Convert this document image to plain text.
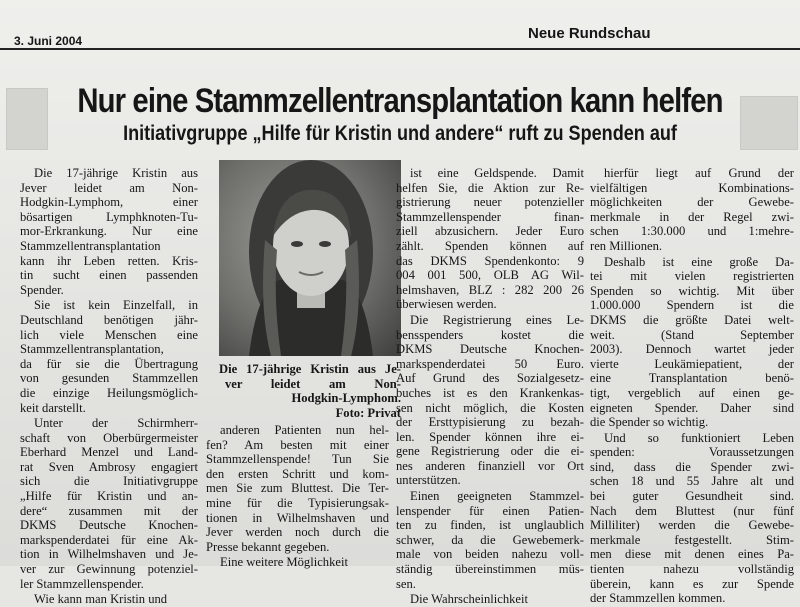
3. Juni 2004	Neue Rundschau
Nur eine Stammzellentransplantation kann helfen
Initiativgruppe „Hilfe für Kristin und andere“ ruft zu Spenden auf

Die 17-jährige Kristin aus
Jever leidet am Non-
Hodgkin-Lymphom, einer
bösartigen Lymphknoten-Tu-
mor-Erkrankung. Nur eine
Stammzellentransplantation
kann ihr Leben retten. Kris-
tin sucht einen passenden
Spender.

Sie ist kein Einzelfall, in
Deutschland benötigen jähr-
lich viele Menschen eine
Stammzellentransplantation,
da für sie die Übertragung
von gesunden Stammzellen
die einzige Heilungsmöglich-
keit darstellt.

Unter der Schirmherr-
schaft von Oberbürgermeister
Eberhard Menzel und Land-
rat Sven Ambrosy engagiert
sich die Initiativgruppe
„Hilfe für Kristin und an-
dere“ zusammen mit der
DKMS Deutsche Knochen-
markspenderdatei für eine Ak-
tion in Wilhelmshaven und Je-
ver zur Gewinnung potenziel-
ler Stammzellenspender.

Wie kann man Kristin und

Die 17-jährige Kristin aus Je-
ver leidet am Non-
Hodgkin-Lymphom.
Foto: Privat

anderen Patienten nun hel-
fen? Am besten mit einer
Stammzellenspende! Tun Sie
den ersten Schritt und kom-
men Sie zum Bluttest. Die Ter-
mine für die Typisierungsak-
tionen in Wilhelmshaven und
Jever werden noch durch die
Presse bekannt gegeben.

Eine weitere Möglichkeit

ist eine Geldspende. Damit
helfen Sie, die Aktion zur Re-
gistrierung neuer potenzieller
Stammzellenspender finan-
ziell abzusichern. Jeder Euro
zählt. Spenden können auf
das DKMS Spendenkonto: 9
004 001 500, OLB AG Wil-
helmshaven, BLZ : 282 200 26
überwiesen werden.

Die Registrierung eines Le-
bensspenders kostet die
DKMS Deutsche Knochen-
markspenderdatei 50 Euro.
Auf Grund des Sozialgesetz-
buches ist es den Krankenkas-
sen nicht möglich, die Kosten
der Ersttypisierung zu bezah-
len. Spender können ihre ei-
gene Registrierung oder die ei-
nes anderen finanziell vor Ort
unterstützen.

Einen geeigneten Stammzel-
lenspender für einen Patien-
ten zu finden, ist unglaublich
schwer, da die Gewebemerk-
male von beiden nahezu voll-
ständig übereinstimmen müs-
sen.

Die Wahrscheinlichkeit

hierfür liegt auf Grund der
vielfältigen Kombinations-
möglichkeiten der Gewebe-
merkmale in der Regel zwi-
schen 1:30.000 und 1:mehre-
ren Millionen.

Deshalb ist eine große Da-
tei mit vielen registrierten
Spenden so wichtig. Mit über
1.000.000 Spendern ist die
DKMS die größte Datei welt-
weit. (Stand September
2003). Dennoch wartet jeder
vierte Leukämiepatient, der
eine Transplantation benö-
tigt, vergeblich auf einen ge-
eigneten Spender. Daher sind
die Spender so wichtig.

Und so funktioniert Leben
spenden: Voraussetzungen
sind, dass die Spender zwi-
schen 18 und 55 Jahre alt und
bei guter Gesundheit sind.
Nach dem Bluttest (nur fünf
Milliliter) werden die Gewebe-
merkmale festgestellt. Stim-
men diese mit denen eines Pa-
tienten nahezu vollständig
überein, kann es zur Spende
der Stammzellen kommen.
